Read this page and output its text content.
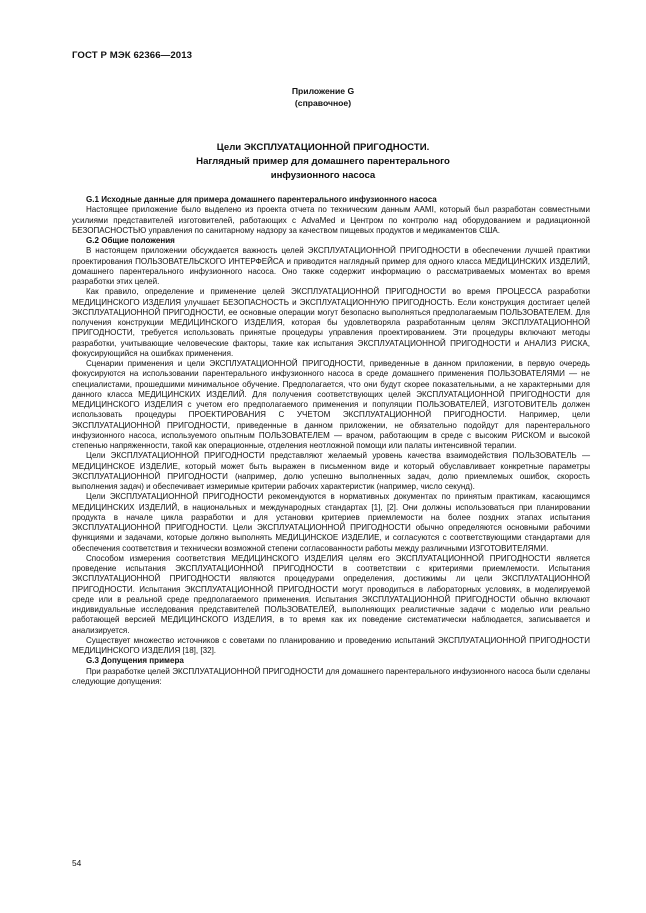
ГОСТ Р МЭК 62366—2013
Приложение G
(справочное)
Цели ЭКСПЛУАТАЦИОННОЙ ПРИГОДНОСТИ.
Наглядный пример для домашнего парентерального
инфузионного насоса
G.1 Исходные данные для примера домашнего парентерального инфузионного насоса

Настоящее приложение было выделено из проекта отчета по техническим данным AAMI, который был разработан совместными усилиями представителей изготовителей, работающих с AdvaMed и Центром по контролю над оборудованием и радиационной БЕЗОПАСНОСТЬЮ управления по санитарному надзору за качеством пищевых продуктов и медикаментов США.

G.2 Общие положения

В настоящем приложении обсуждается важность целей ЭКСПЛУАТАЦИОННОЙ ПРИГОДНОСТИ в обеспечении лучшей практики проектирования ПОЛЬЗОВАТЕЛЬСКОГО ИНТЕРФЕЙСА и приводится наглядный пример для одного класса МЕДИЦИНСКИХ ИЗДЕЛИЙ, домашнего парентерального инфузионного насоса. Оно также содержит информацию о рассматриваемых моментах во время разработки этих целей.

Как правило, определение и применение целей ЭКСПЛУАТАЦИОННОЙ ПРИГОДНОСТИ во время ПРОЦЕССА разработки МЕДИЦИНСКОГО ИЗДЕЛИЯ улучшает БЕЗОПАСНОСТЬ и ЭКСПЛУАТАЦИОННУЮ ПРИГОДНОСТЬ. Если конструкция достигает целей ЭКСПЛУАТАЦИОННОЙ ПРИГОДНОСТИ, ее основные операции могут безопасно выполняться предполагаемым ПОЛЬЗОВАТЕЛЕМ. Для получения конструкции МЕДИЦИНСКОГО ИЗДЕЛИЯ, которая бы удовлетворяла разработанным целям ЭКСПЛУАТАЦИОННОЙ ПРИГОДНОСТИ, требуется использовать принятые процедуры управления проектированием. Эти процедуры включают методы разработки, учитывающие человеческие факторы, такие как испытания ЭКСПЛУАТАЦИОННОЙ ПРИГОДНОСТИ и АНАЛИЗ РИСКА, фокусирующийся на ошибках применения.

Сценарии применения и цели ЭКСПЛУАТАЦИОННОЙ ПРИГОДНОСТИ, приведенные в данном приложении, в первую очередь фокусируются на использовании парентерального инфузионного насоса в среде домашнего применения ПОЛЬЗОВАТЕЛЯМИ — не специалистами, прошедшими минимальное обучение. Предполагается, что они будут скорее показательными, а не характерными для данного класса МЕДИЦИНСКИХ ИЗДЕЛИЙ. Для получения соответствующих целей ЭКСПЛУАТАЦИОННОЙ ПРИГОДНОСТИ для МЕДИЦИНСКОГО ИЗДЕЛИЯ с учетом его предполагаемого применения и популяции ПОЛЬЗОВАТЕЛЕЙ, ИЗГОТОВИТЕЛЬ должен использовать процедуры ПРОЕКТИРОВАНИЯ С УЧЕТОМ ЭКСПЛУАТАЦИОННОЙ ПРИГОДНОСТИ. Например, цели ЭКСПЛУАТАЦИОННОЙ ПРИГОДНОСТИ, приведенные в данном приложении, не обязательно подойдут для парентерального инфузионного насоса, используемого опытным ПОЛЬЗОВАТЕЛЕМ — врачом, работающим в среде с высоким РИСКОМ и высокой степенью напряженности, такой как операционные, отделения неотложной помощи или палаты интенсивной терапии.

Цели ЭКСПЛУАТАЦИОННОЙ ПРИГОДНОСТИ представляют желаемый уровень качества взаимодействия ПОЛЬЗОВАТЕЛЬ — МЕДИЦИНСКОЕ ИЗДЕЛИЕ, который может быть выражен в письменном виде и который обуславливает конкретные параметры ЭКСПЛУАТАЦИОННОЙ ПРИГОДНОСТИ (например, долю успешно выполненных задач, долю приемлемых ошибок, скорость выполнения задач) и обеспечивает измеримые критерии рабочих характеристик (например, число секунд).

Цели ЭКСПЛУАТАЦИОННОЙ ПРИГОДНОСТИ рекомендуются в нормативных документах по принятым практикам, касающимся МЕДИЦИНСКИХ ИЗДЕЛИЙ, в национальных и международных стандартах [1], [2]. Они должны использоваться при планировании продукта в начале цикла разработки и для установки критериев приемлемости на более поздних этапах испытания ЭКСПЛУАТАЦИОННОЙ ПРИГОДНОСТИ. Цели ЭКСПЛУАТАЦИОННОЙ ПРИГОДНОСТИ обычно определяются основными рабочими функциями и задачами, которые должно выполнять МЕДИЦИНСКОЕ ИЗДЕЛИЕ, и согласуются с соответствующими стандартами для обеспечения соответствия и технически возможной степени согласованности работы между различными ИЗГОТОВИТЕЛЯМИ.

Способом измерения соответствия МЕДИЦИНСКОГО ИЗДЕЛИЯ целям его ЭКСПЛУАТАЦИОННОЙ ПРИГОДНОСТИ является проведение испытания ЭКСПЛУАТАЦИОННОЙ ПРИГОДНОСТИ в соответствии с критериями приемлемости. Испытания ЭКСПЛУАТАЦИОННОЙ ПРИГОДНОСТИ являются процедурами определения, достижимы ли цели ЭКСПЛУАТАЦИОННОЙ ПРИГОДНОСТИ. Испытания ЭКСПЛУАТАЦИОННОЙ ПРИГОДНОСТИ могут проводиться в лабораторных условиях, в моделируемой среде или в реальной среде предполагаемого применения. Испытания ЭКСПЛУАТАЦИОННОЙ ПРИГОДНОСТИ обычно включают индивидуальные исследования представителей ПОЛЬЗОВАТЕЛЕЙ, выполняющих реалистичные задачи с моделью или реально работающей версией МЕДИЦИНСКОГО ИЗДЕЛИЯ, в то время как их поведение систематически наблюдается, записывается и анализируется.

Существует множество источников с советами по планированию и проведению испытаний ЭКСПЛУАТАЦИОННОЙ ПРИГОДНОСТИ МЕДИЦИНСКОГО ИЗДЕЛИЯ [18], [32].

G.3 Допущения примера

При разработке целей ЭКСПЛУАТАЦИОННОЙ ПРИГОДНОСТИ для домашнего парентерального инфузионного насоса были сделаны следующие допущения:

54
